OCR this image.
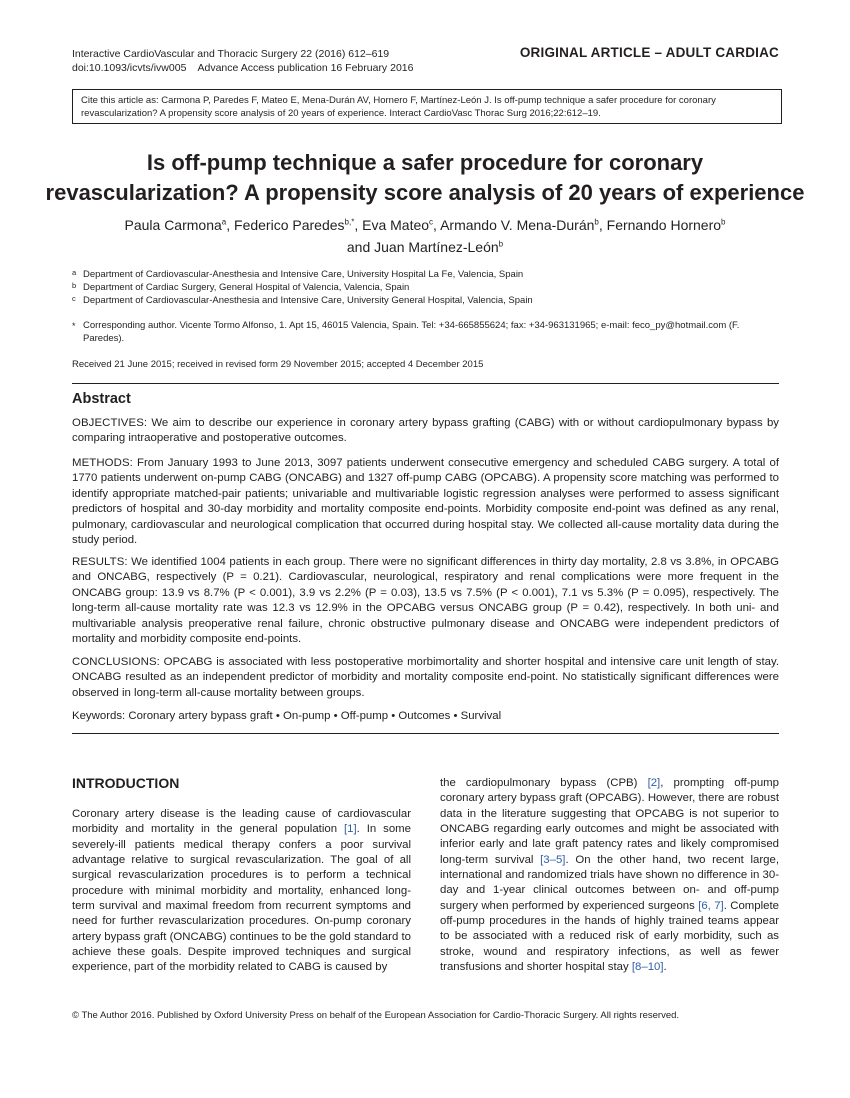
Interactive CardioVascular and Thoracic Surgery 22 (2016) 612–619
doi:10.1093/icvts/ivw005    Advance Access publication 16 February 2016
ORIGINAL ARTICLE – ADULT CARDIAC
Cite this article as: Carmona P, Paredes F, Mateo E, Mena-Durán AV, Hornero F, Martínez-León J. Is off-pump technique a safer procedure for coronary revascularization? A propensity score analysis of 20 years of experience. Interact CardioVasc Thorac Surg 2016;22:612–19.
Is off-pump technique a safer procedure for coronary
revascularization? A propensity score analysis of 20 years of experience
Paula Carmona$^a$, Federico Paredes$^{b,*}$, Eva Mateo$^c$, Armando V. Mena-Durán$^b$, Fernando Hornero$^b$
and Juan Martínez-León$^b$
a Department of Cardiovascular-Anesthesia and Intensive Care, University Hospital La Fe, Valencia, Spain
b Department of Cardiac Surgery, General Hospital of Valencia, Valencia, Spain
c Department of Cardiovascular-Anesthesia and Intensive Care, University General Hospital, Valencia, Spain
* Corresponding author. Vicente Tormo Alfonso, 1. Apt 15, 46015 Valencia, Spain. Tel: +34-665855624; fax: +34-963131965; e-mail: feco_py@hotmail.com (F. Paredes).
Received 21 June 2015; received in revised form 29 November 2015; accepted 4 December 2015
Abstract

OBJECTIVES: We aim to describe our experience in coronary artery bypass grafting (CABG) with or without cardiopulmonary bypass by comparing intraoperative and postoperative outcomes.

METHODS: From January 1993 to June 2013, 3097 patients underwent consecutive emergency and scheduled CABG surgery. A total of 1770 patients underwent on-pump CABG (ONCABG) and 1327 off-pump CABG (OPCABG). A propensity score matching was performed to identify appropriate matched-pair patients; univariable and multivariable logistic regression analyses were performed to assess significant predictors of hospital and 30-day morbidity and mortality composite end-points. Morbidity composite end-point was defined as any renal, pulmonary, cardiovascular and neurological complication that occurred during hospital stay. We collected all-cause mortality data during the study period.

RESULTS: We identified 1004 patients in each group. There were no significant differences in thirty day mortality, 2.8 vs 3.8%, in OPCABG and ONCABG, respectively (P = 0.21). Cardiovascular, neurological, respiratory and renal complications were more frequent in the ONCABG group: 13.9 vs 8.7% (P < 0.001), 3.9 vs 2.2% (P = 0.03), 13.5 vs 7.5% (P < 0.001), 7.1 vs 5.3% (P = 0.095), respectively. The long-term all-cause mortality rate was 12.3 vs 12.9% in the OPCABG versus ONCABG group (P = 0.42), respectively. In both uni- and multivariable analysis preoperative renal failure, chronic obstructive pulmonary disease and ONCABG were independent predictors of mortality and morbidity composite end-points.

CONCLUSIONS: OPCABG is associated with less postoperative morbimortality and shorter hospital and intensive care unit length of stay. ONCABG resulted as an independent predictor of morbidity and mortality composite end-point. No statistically significant differences were observed in long-term all-cause mortality between groups.

Keywords: Coronary artery bypass graft • On-pump • Off-pump • Outcomes • Survival
INTRODUCTION

Coronary artery disease is the leading cause of cardiovascular morbidity and mortality in the general population [1]. In some severely-ill patients medical therapy confers a poor survival advantage relative to surgical revascularization. The goal of all surgical revascularization procedures is to perform a technical procedure with minimal morbidity and mortality, enhanced long-term survival and maximal freedom from recurrent symptoms and need for further revascularization procedures. On-pump coronary artery bypass graft (ONCABG) continues to be the gold standard to achieve these goals. Despite improved techniques and surgical experience, part of the morbidity related to CABG is caused by

the cardiopulmonary bypass (CPB) [2], prompting off-pump coronary artery bypass graft (OPCABG). However, there are robust data in the literature suggesting that OPCABG is not superior to ONCABG regarding early outcomes and might be associated with inferior early and late graft patency rates and likely compromised long-term survival [3–5]. On the other hand, two recent large, international and randomized trials have shown no difference in 30-day and 1-year clinical outcomes between on- and off-pump surgery when performed by experienced surgeons [6, 7]. Complete off-pump procedures in the hands of highly trained teams appear to be associated with a reduced risk of early morbidity, such as stroke, wound and respiratory infections, as well as fewer transfusions and shorter hospital stay [8–10].

© The Author 2016. Published by Oxford University Press on behalf of the European Association for Cardio-Thoracic Surgery. All rights reserved.
